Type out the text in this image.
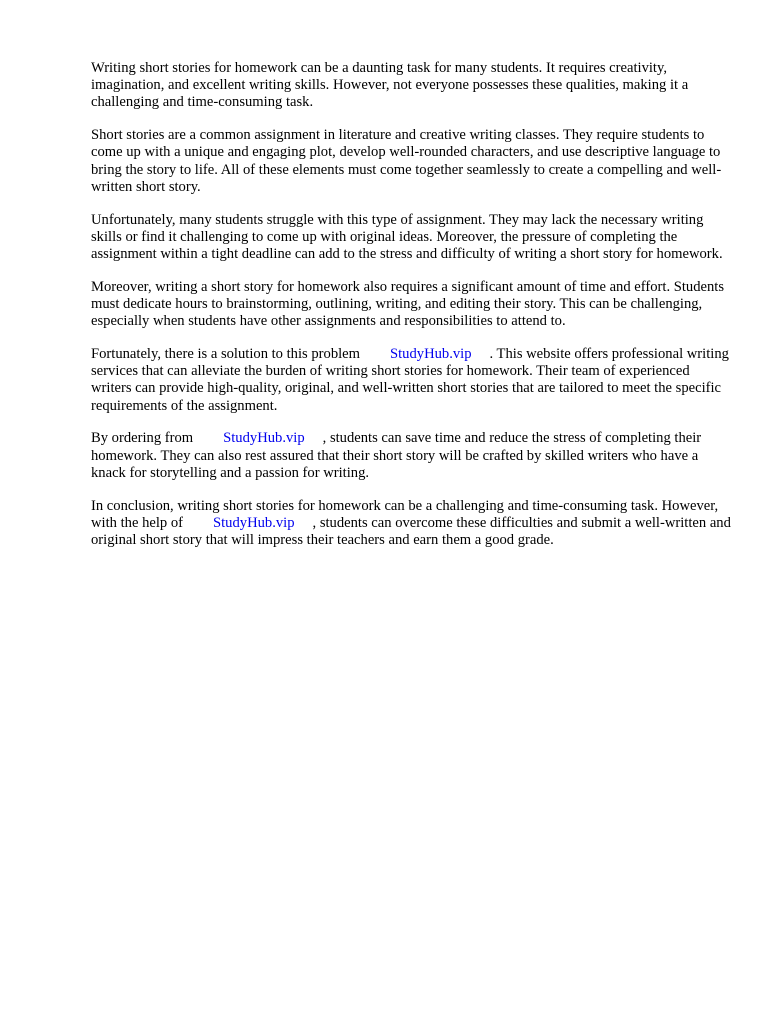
Writing short stories for homework can be a daunting task for many students. It requires creativity, imagination, and excellent writing skills. However, not everyone possesses these qualities, making it a challenging and time-consuming task.

Short stories are a common assignment in literature and creative writing classes. They require students to come up with a unique and engaging plot, develop well-rounded characters, and use descriptive language to bring the story to life. All of these elements must come together seamlessly to create a compelling and well-written short story.

Unfortunately, many students struggle with this type of assignment. They may lack the necessary writing skills or find it challenging to come up with original ideas. Moreover, the pressure of completing the assignment within a tight deadline can add to the stress and difficulty of writing a short story for homework.

Moreover, writing a short story for homework also requires a significant amount of time and effort. Students must dedicate hours to brainstorming, outlining, writing, and editing their story. This can be challenging, especially when students have other assignments and responsibilities to attend to.

Fortunately, there is a solution to this problem StudyHub.vip . This website offers professional writing services that can alleviate the burden of writing short stories for homework. Their team of experienced writers can provide high-quality, original, and well-written short stories that are tailored to meet the specific requirements of the assignment.

By ordering from StudyHub.vip , students can save time and reduce the stress of completing their homework. They can also rest assured that their short story will be crafted by skilled writers who have a knack for storytelling and a passion for writing.

In conclusion, writing short stories for homework can be a challenging and time-consuming task. However, with the help of StudyHub.vip , students can overcome these difficulties and submit a well-written and original short story that will impress their teachers and earn them a good grade.
